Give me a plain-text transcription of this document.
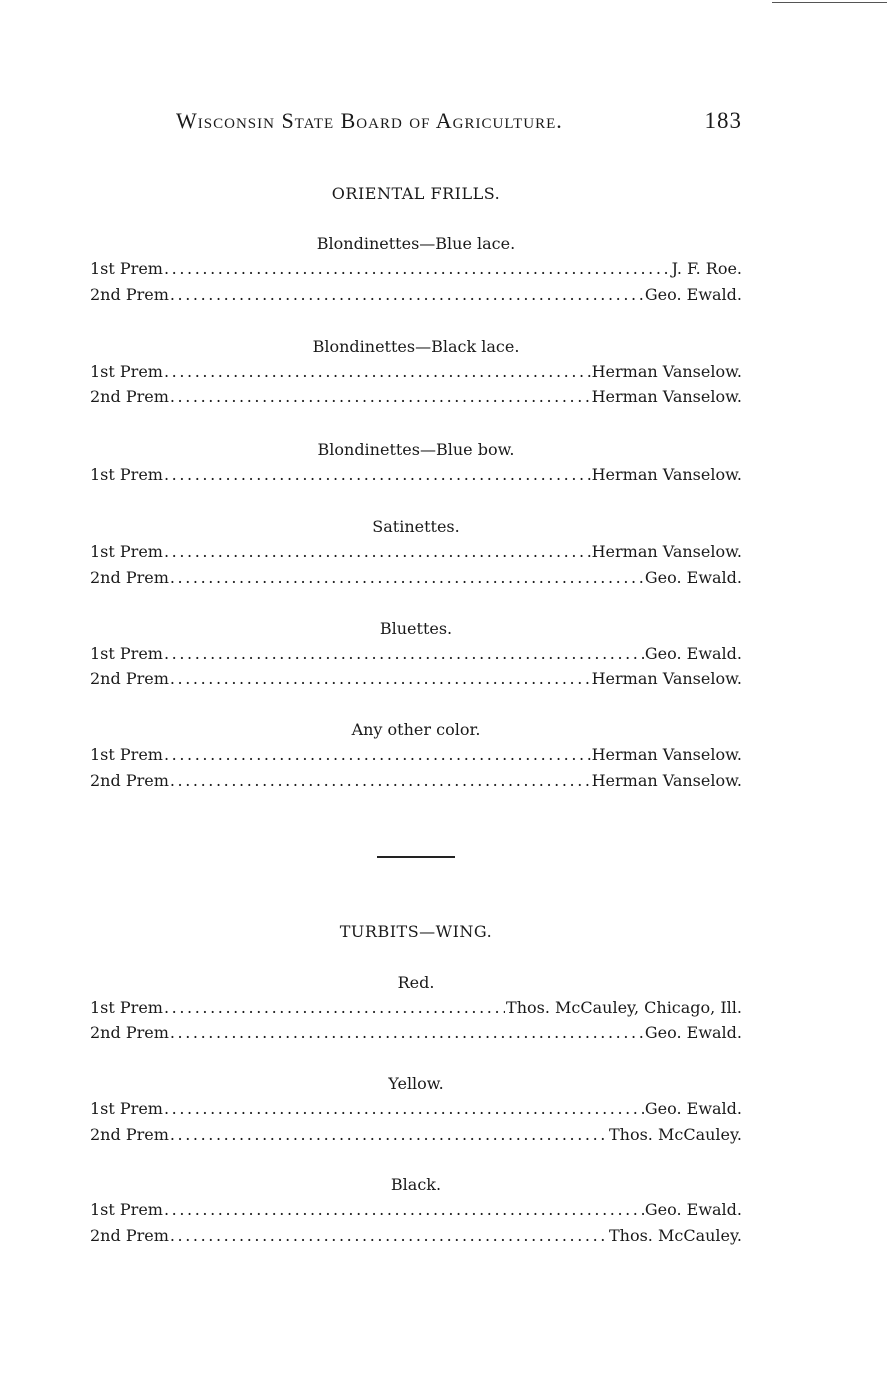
Wisconsin State Board of Agriculture.	183
ORIENTAL FRILLS.
Blondinettes—Blue lace.
1st Prem .....	J. F. Roe.
2nd Prem .....	Geo. Ewald.
Blondinettes—Black lace.
1st Prem .....	Herman Vanselow.
2nd Prem .....	Herman Vanselow.
Blondinettes—Blue bow.
1st Prem .....	Herman Vanselow.
Satinettes.
1st Prem .....	Herman Vanselow.
2nd Prem .....	Geo. Ewald.
Bluettes.
1st Prem .....	Geo. Ewald.
2nd Prem .....	Herman Vanselow.
Any other color.
1st Prem .....	Herman Vanselow.
2nd Prem .....	Herman Vanselow.
TURBITS—WING.
Red.
1st Prem .....	Thos. McCauley, Chicago, Ill.
2nd Prem .....	Geo. Ewald.
Yellow.
1st Prem .....	Geo. Ewald.
2nd Prem .....	Thos. McCauley.
Black.
1st Prem .....	Geo. Ewald.
2nd Prem .....	Thos. McCauley.
